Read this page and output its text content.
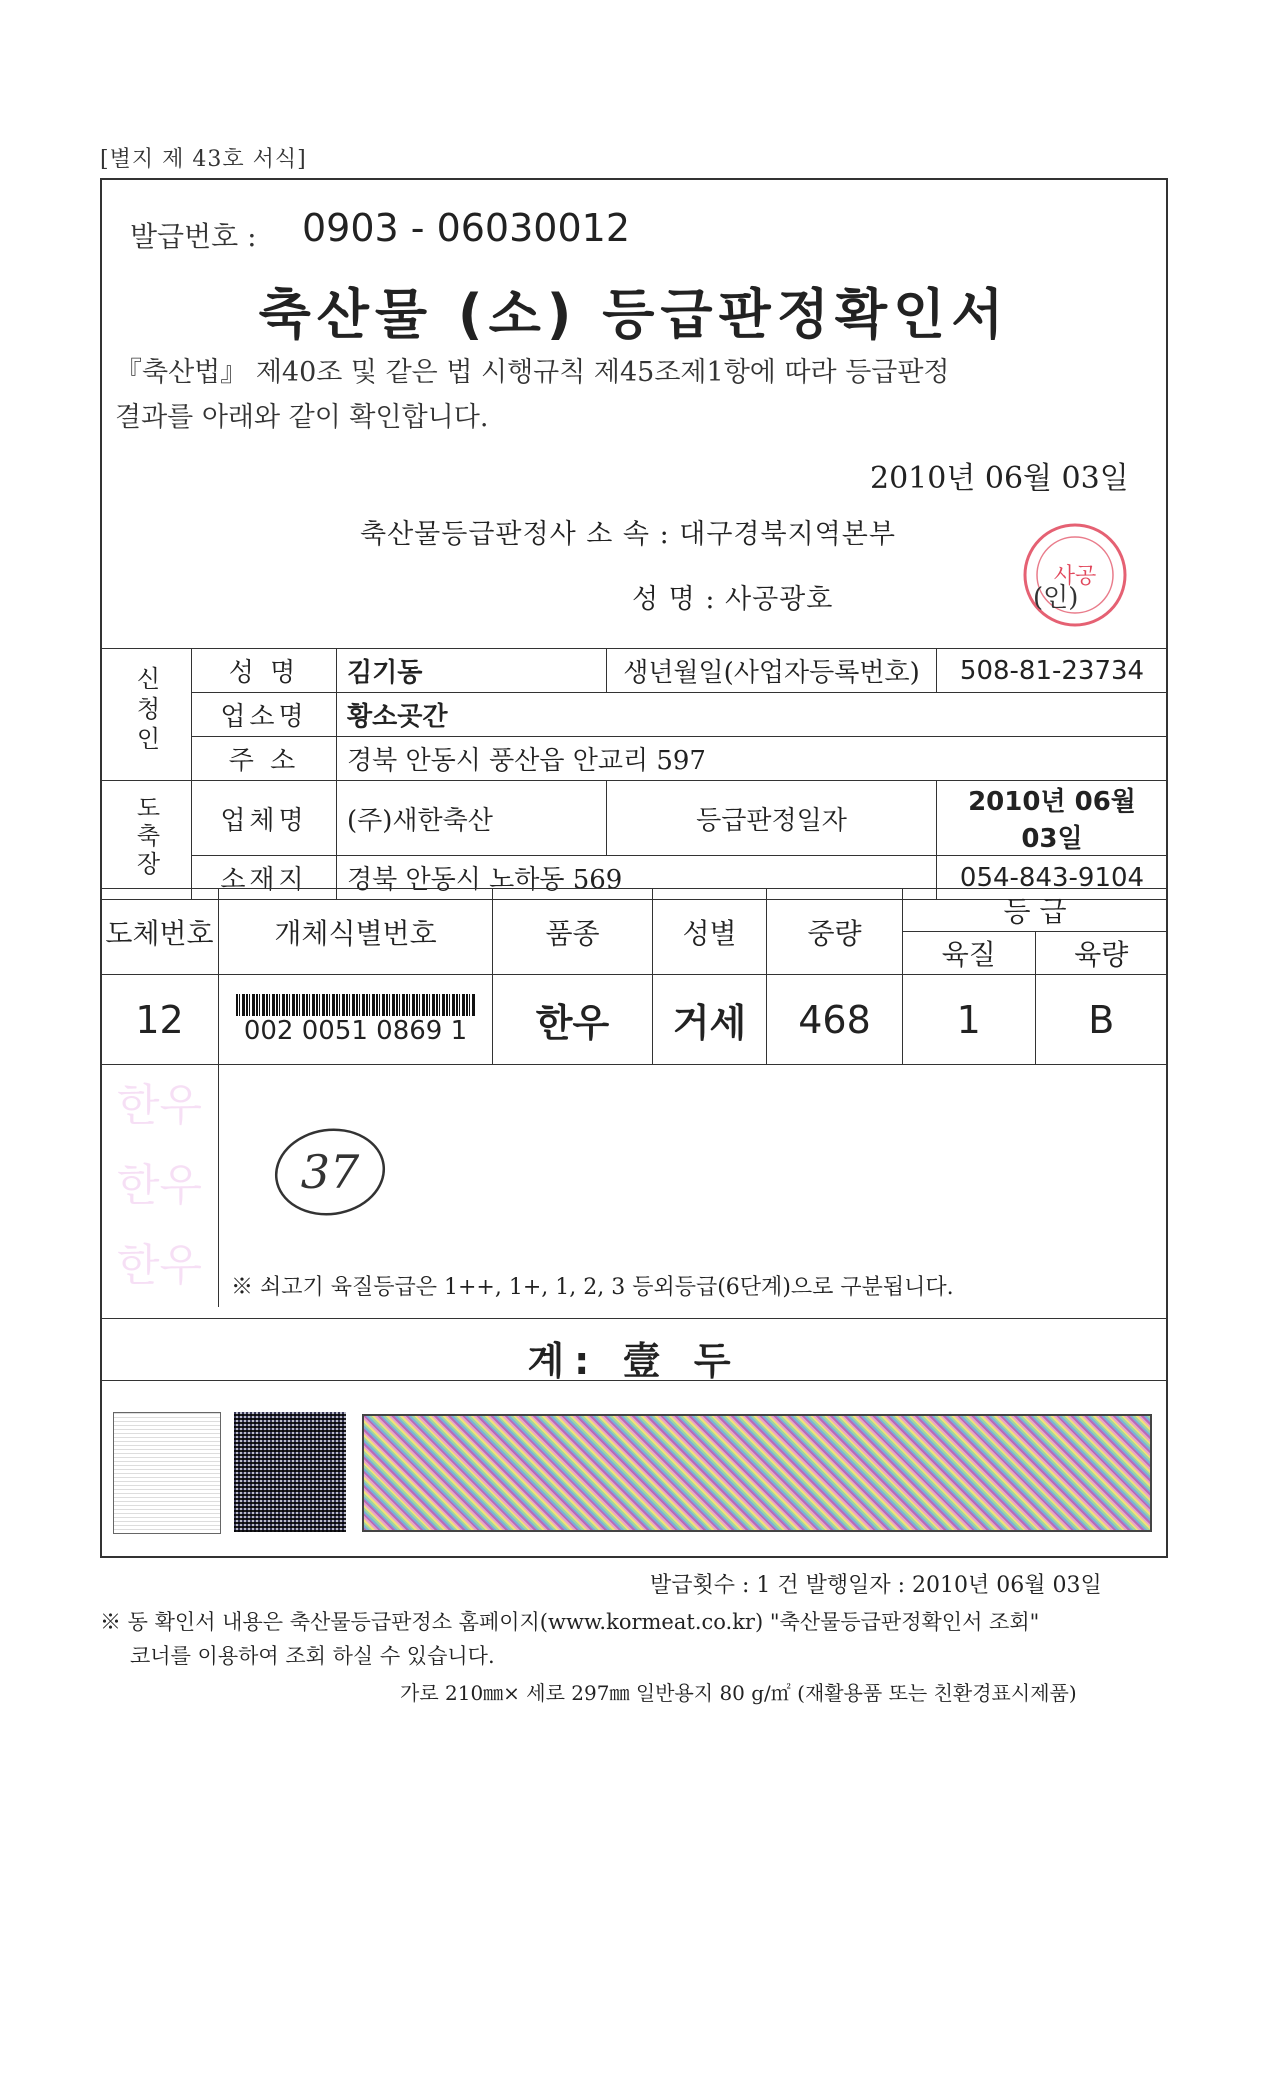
[별지 제 43호 서식]
발급번호 : 0903 - 06030012
축산물 (소) 등급판정확인서
『축산법』 제40조 및 같은 법 시행규칙 제45조제1항에 따라 등급판정
결과를 아래와 같이 확인합니다.
2010년 06월 03일
축산물등급판정사 소 속 : 대구경북지역본부
성 명 : 사공광호
사공
(인)
신청인	성 명	김기동	생년월일(사업자등록번호)	508-81-23734
	업소명	황소곳간		
	주 소	경북 안동시 풍산읍 안교리 597		
도축장	업체명	(주)새한축산	등급판정일자	2010년 06월 03일
	소재지	경북 안동시 노하동 569		054-843-9104
도체번호	개체식별번호	품종	성별	중량	등 급	
					육질	육량
12	002 0051 0869 1	한우	거세	468	1	B

한우
한우
한우	※ 쇠고기 육질등급은 1++, 1+, 1, 2, 3 등외등급(6단계)으로 구분됩니다.					
37
계: 壹 두
발급횟수 : 1 건 발행일자 : 2010년 06월 03일
※ 동 확인서 내용은 축산물등급판정소 홈페이지(www.kormeat.co.kr) "축산물등급판정확인서 조회"
코너를 이용하여 조회 하실 수 있습니다.
가로 210㎜× 세로 297㎜ 일반용지 80 g/㎡ (재활용품 또는 친환경표시제품)
